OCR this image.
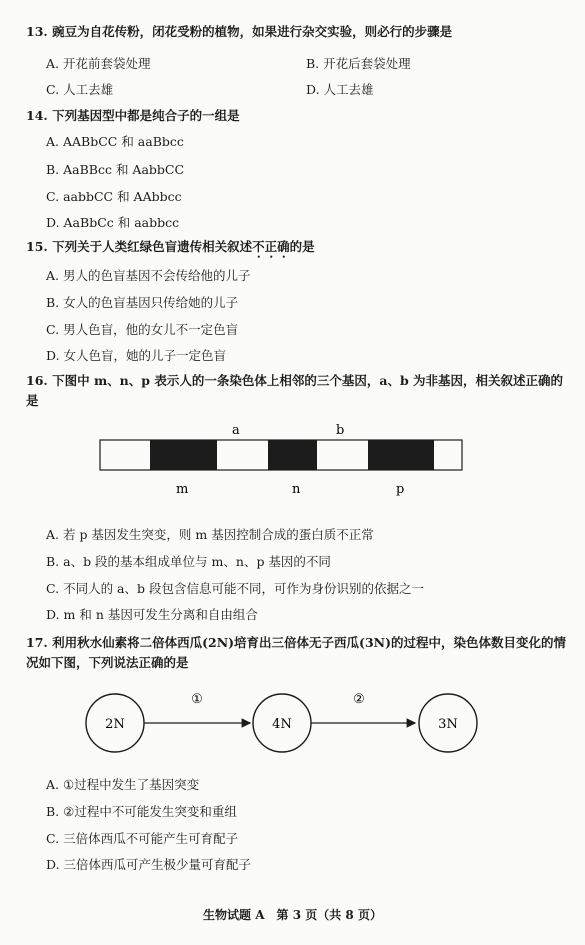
13. 豌豆为自花传粉，闭花受粉的植物，如果进行杂交实验，则必行的步骤是
A. 开花前套袋处理	B. 开花后套袋处理
C. 人工去雄	D. 人工去雄
14. 下列基因型中都是纯合子的一组是
A. AABbCC 和 aaBbcc
B. AaBBcc 和 AabbCC
C. aabbCC 和 AAbbcc
D. AaBbCc 和 aabbcc
15. 下列关于人类红绿色盲遗传相关叙述不正确的是
A. 男人的色盲基因不会传给他的儿子
B. 女人的色盲基因只传给她的儿子
C. 男人色盲，他的女儿不一定色盲
D. 女人色盲，她的儿子一定色盲
16. 下图中 m、n、p 表示人的一条染色体上相邻的三个基因，a、b 为非基因，相关叙述正确的是
a	b
m	n	p
A. 若 p 基因发生突变，则 m 基因控制合成的蛋白质不正常
B. a、b 段的基本组成单位与 m、n、p 基因的不同
C. 不同人的 a、b 段包含信息可能不同，可作为身份识别的依据之一
D. m 和 n 基因可发生分离和自由组合
17. 利用秋水仙素将二倍体西瓜(2N)培育出三倍体无子西瓜(3N)的过程中，染色体数目变化的情况如下图，下列说法正确的是
2N
①
4N
②
3N
A. ①过程中发生了基因突变
B. ②过程中不可能发生突变和重组
C. 三倍体西瓜不可能产生可育配子
D. 三倍体西瓜可产生极少量可育配子
生物试题 A　第 3 页（共 8 页）
